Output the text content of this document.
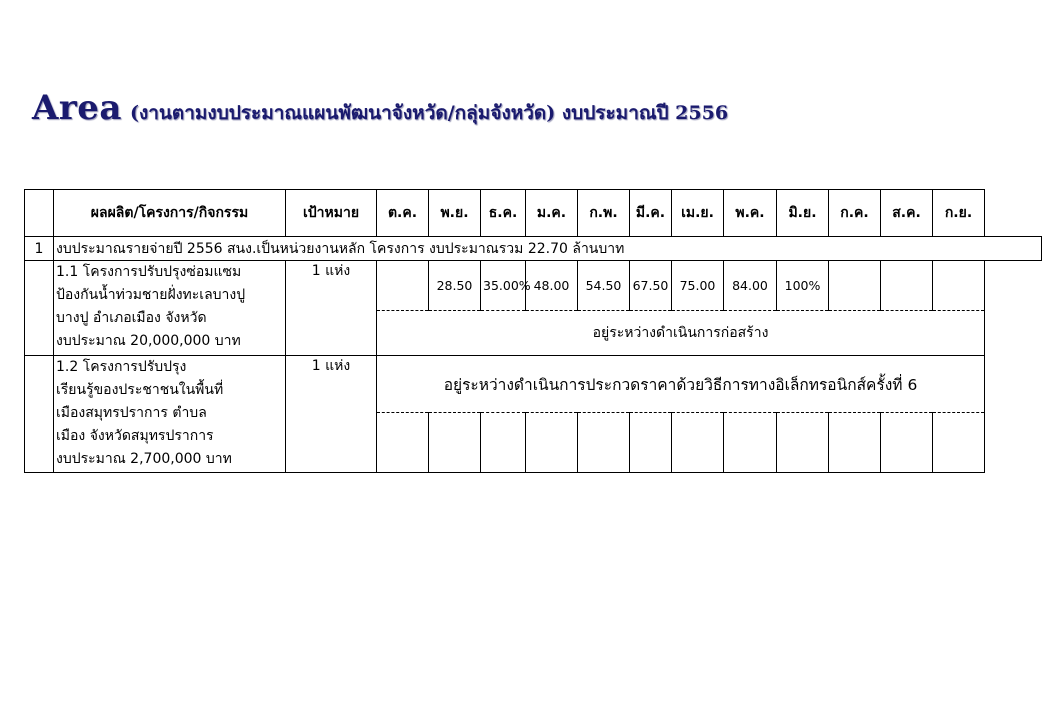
Area (งานตามงบประมาณแผนพัฒนาจังหวัด/กลุ่มจังหวัด) งบประมาณปี 2556
	ผลผลิต/โครงการ/กิจกรรม	เป้าหมาย	ต.ค.	พ.ย.	ธ.ค.	ม.ค.	ก.พ.	มี.ค.	เม.ย.	พ.ค.	มิ.ย.	ก.ค.	ส.ค.	ก.ย.
1	งบประมาณรายจ่ายปี 2556 สนง.เป็นหน่วยงานหลัก โครงการ งบประมาณรวม 22.70 ล้านบาท													

	1.1 โครงการปรับปรุงซ่อมแซม
ป้องกันน้ำท่วมชายฝั่งทะเลบางปู
บางปู อำเภอเมือง จังหวัด
งบประมาณ 20,000,000 บาท	1 แห่ง		28.50	35.00%	48.00	54.50	67.50	75.00	84.00	100%			
			อยู่ระหว่างดำเนินการก่อสร้าง											

	1.2 โครงการปรับปรุง
เรียนรู้ของประชาชนในพื้นที่
เมืองสมุทรปราการ ตำบล
เมือง จังหวัดสมุทรปราการ
งบประมาณ 2,700,000 บาท	1 แห่ง	อยู่ระหว่างดำเนินการประกวดราคาด้วยวิธีการทางอิเล็กทรอนิกส์ครั้งที่ 6											
